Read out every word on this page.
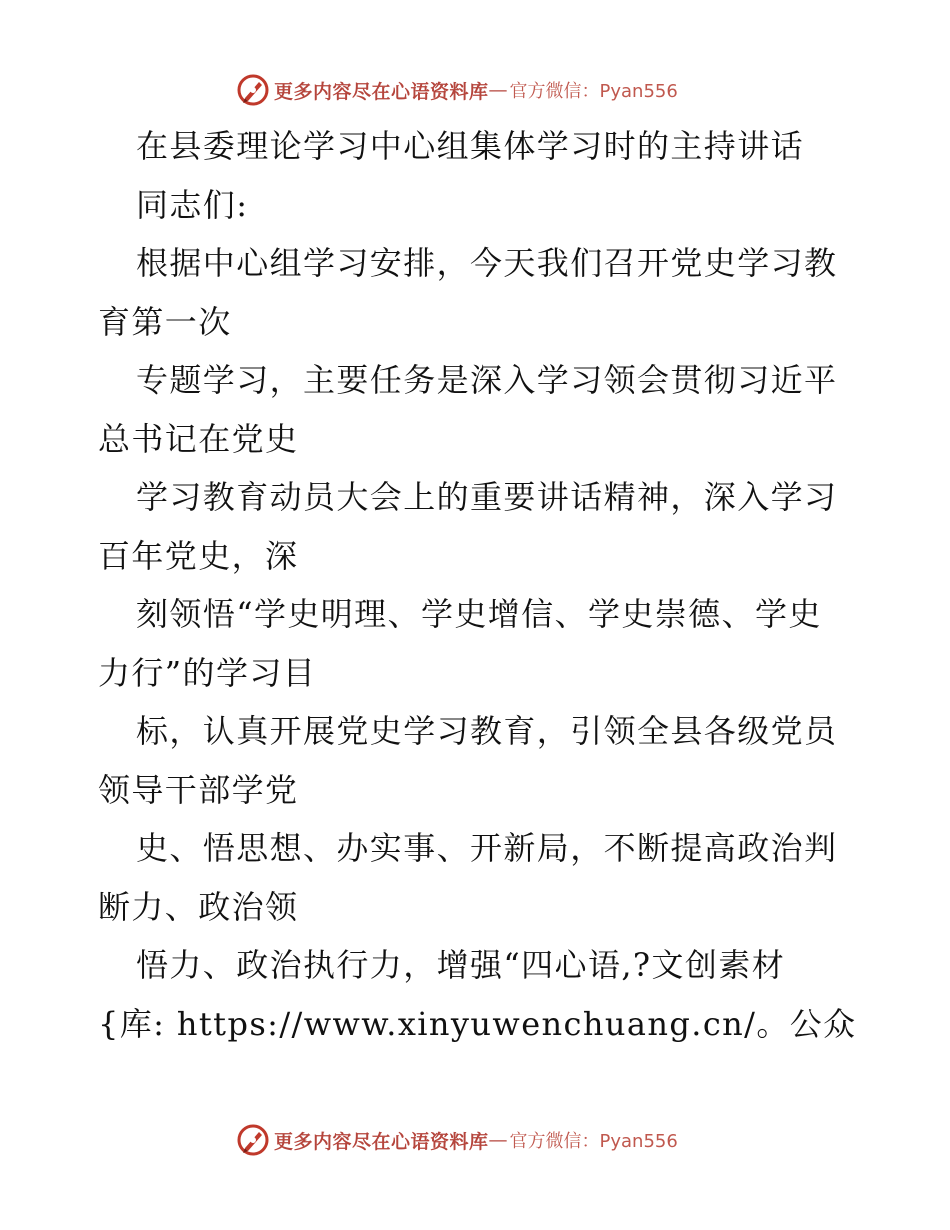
更多内容尽在心语资料库 — 官方微信：Pyan556
在县委理论学习中心组集体学习时的主持讲话
同志们:
根据中心组学习安排，今天我们召开党史学习教
育第一次
专题学习，主要任务是深入学习领会贯彻习近平
总书记在党史
学习教育动员大会上的重要讲话精神，深入学习
百年党史，深
刻领悟“学史明理、学史增信、学史崇德、学史
力行”的学习目
标，认真开展党史学习教育，引领全县各级党员
领导干部学党
史、悟思想、办实事、开新局，不断提高政治判
断力、政治领
悟力、政治执行力，增强“四心语,?文创素材
{库: https://www.xinyuwenchuang.cn/。公众
更多内容尽在心语资料库 — 官方微信：Pyan556
